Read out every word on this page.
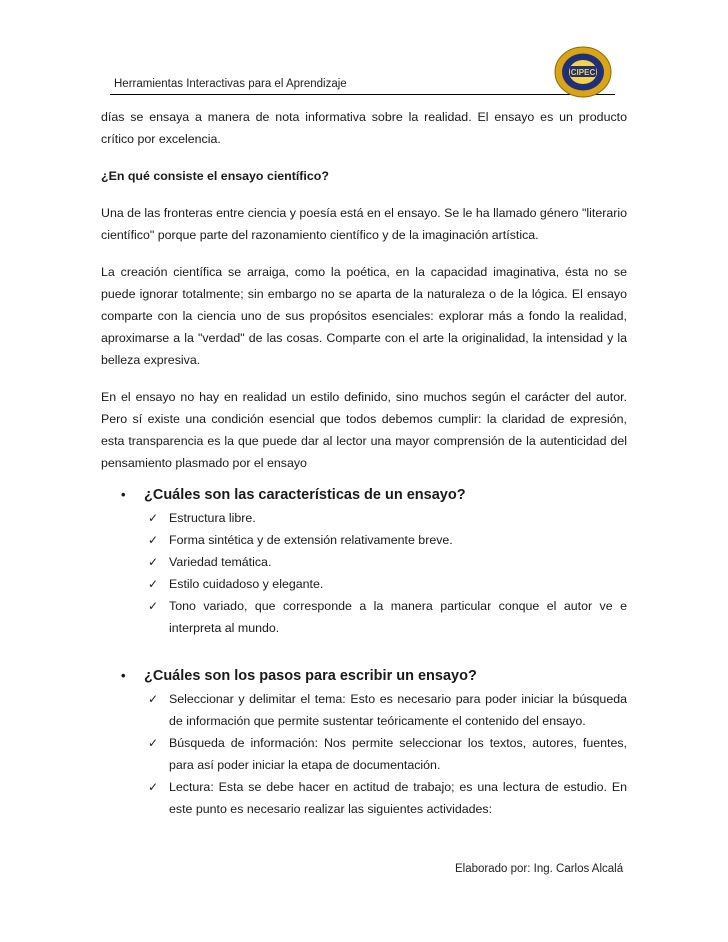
Herramientas Interactivas para el Aprendizaje
CIPEC

días se ensaya a manera de nota informativa sobre la realidad. El ensayo es un producto crítico por excelencia.

¿En qué consiste el ensayo científico?

Una de las fronteras entre ciencia y poesía está en el ensayo. Se le ha llamado género "literario científico" porque parte del razonamiento científico y de la imaginación artística.

La creación científica se arraiga, como la poética, en la capacidad imaginativa, ésta no se puede ignorar totalmente; sin embargo no se aparta de la naturaleza o de la lógica. El ensayo comparte con la ciencia uno de sus propósitos esenciales: explorar más a fondo la realidad, aproximarse a la "verdad" de las cosas. Comparte con el arte la originalidad, la intensidad y la belleza expresiva.

En el ensayo no hay en realidad un estilo definido, sino muchos según el carácter del autor. Pero sí existe una condición esencial que todos debemos cumplir: la claridad de expresión, esta transparencia es la que puede dar al lector una mayor comprensión de la autenticidad del pensamiento plasmado por el ensayo

• ¿Cuáles son las características de un ensayo?
✓ Estructura libre.
✓ Forma sintética y de extensión relativamente breve.
✓ Variedad temática.
✓ Estilo cuidadoso y elegante.
✓ Tono variado, que corresponde a la manera particular conque el autor ve e interpreta al mundo.
• ¿Cuáles son los pasos para escribir un ensayo?
✓ Seleccionar y delimitar el tema: Esto es necesario para poder iniciar la búsqueda de información que permite sustentar teóricamente el contenido del ensayo.
✓ Búsqueda de información: Nos permite seleccionar los textos, autores, fuentes, para así poder iniciar la etapa de documentación.
✓ Lectura: Esta se debe hacer en actitud de trabajo; es una lectura de estudio. En este punto es necesario realizar las siguientes actividades:
Elaborado por: Ing. Carlos Alcalá
